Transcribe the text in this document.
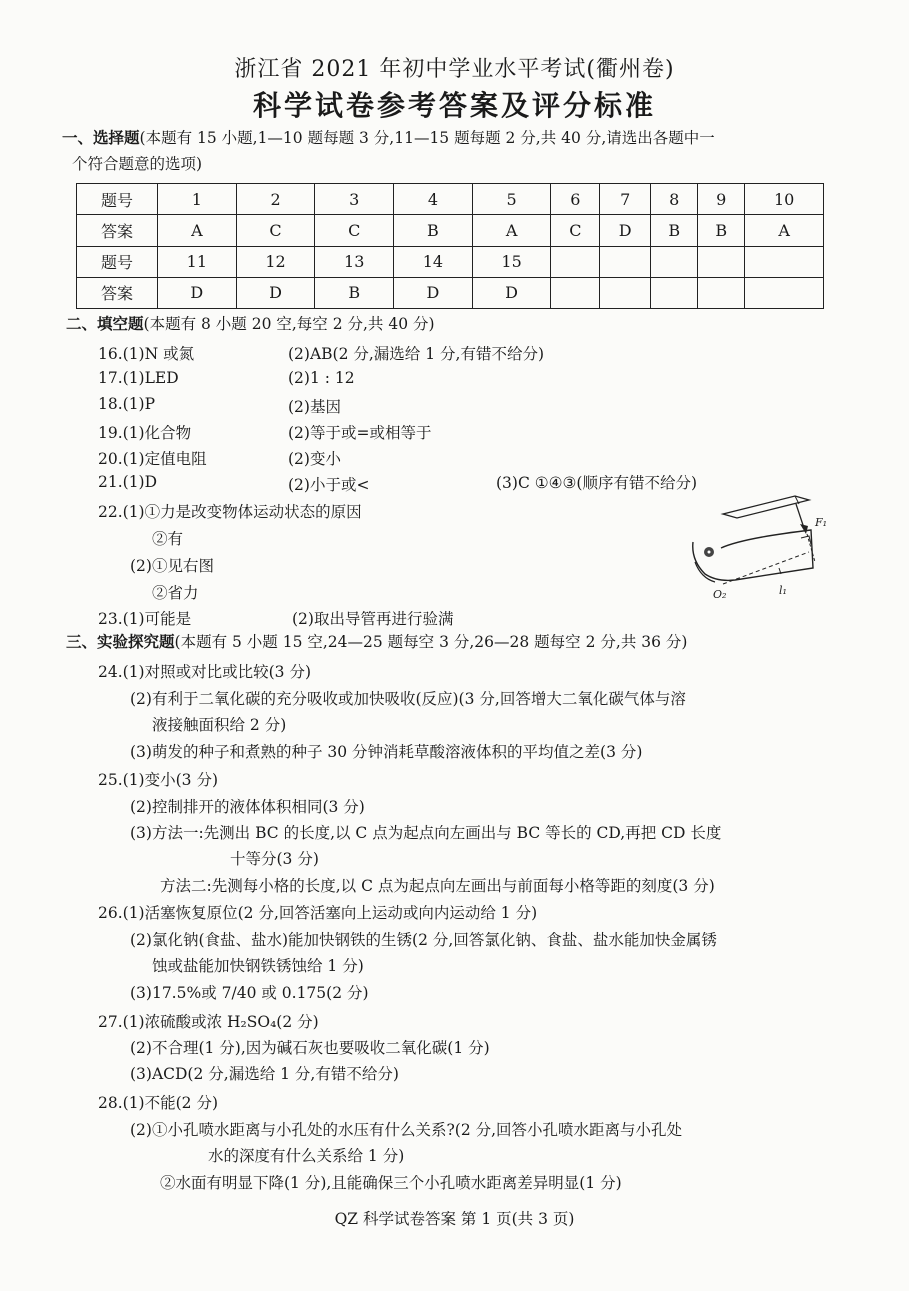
浙江省 2021 年初中学业水平考试(衢州卷)
科学试卷参考答案及评分标准
一、选择题(本题有 15 小题,1—10 题每题 3 分,11—15 题每题 2 分,共 40 分,请选出各题中一
个符合题意的选项)
题号	1	2	3	4	5	6	7	8	9	10
答案	A	C	C	B	A	C	D	B	B	A
题号	11	12	13	14	15					
答案	D	D	B	D	D					
二、填空题(本题有 8 小题 20 空,每空 2 分,共 40 分)
16.(1)N 或氮	(2)AB(2 分,漏选给 1 分,有错不给分)
17.(1)LED	(2)1 : 12
18.(1)P	(2)基因
19.(1)化合物	(2)等于或=或相等于
20.(1)定值电阻	(2)变小
21.(1)D	(2)小于或<	(3)C ①④③(顺序有错不给分)
22.(1)①力是改变物体运动状态的原因
②有
(2)①见右图
②省力
23.(1)可能是	(2)取出导管再进行验满
F₁
O₂	l₁
三、实验探究题(本题有 5 小题 15 空,24—25 题每空 3 分,26—28 题每空 2 分,共 36 分)
24.(1)对照或对比或比较(3 分)
(2)有利于二氧化碳的充分吸收或加快吸收(反应)(3 分,回答增大二氧化碳气体与溶
液接触面积给 2 分)
(3)萌发的种子和煮熟的种子 30 分钟消耗草酸溶液体积的平均值之差(3 分)
25.(1)变小(3 分)
(2)控制排开的液体体积相同(3 分)
(3)方法一:先测出 BC 的长度,以 C 点为起点向左画出与 BC 等长的 CD,再把 CD 长度
十等分(3 分)
方法二:先测每小格的长度,以 C 点为起点向左画出与前面每小格等距的刻度(3 分)
26.(1)活塞恢复原位(2 分,回答活塞向上运动或向内运动给 1 分)
(2)氯化钠(食盐、盐水)能加快钢铁的生锈(2 分,回答氯化钠、食盐、盐水能加快金属锈
蚀或盐能加快钢铁锈蚀给 1 分)
(3)17.5%或 7/40 或 0.175(2 分)
27.(1)浓硫酸或浓 H₂SO₄(2 分)
(2)不合理(1 分),因为碱石灰也要吸收二氧化碳(1 分)
(3)ACD(2 分,漏选给 1 分,有错不给分)
28.(1)不能(2 分)
(2)①小孔喷水距离与小孔处的水压有什么关系?(2 分,回答小孔喷水距离与小孔处
水的深度有什么关系给 1 分)
②水面有明显下降(1 分),且能确保三个小孔喷水距离差异明显(1 分)
QZ 科学试卷答案 第 1 页(共 3 页)
